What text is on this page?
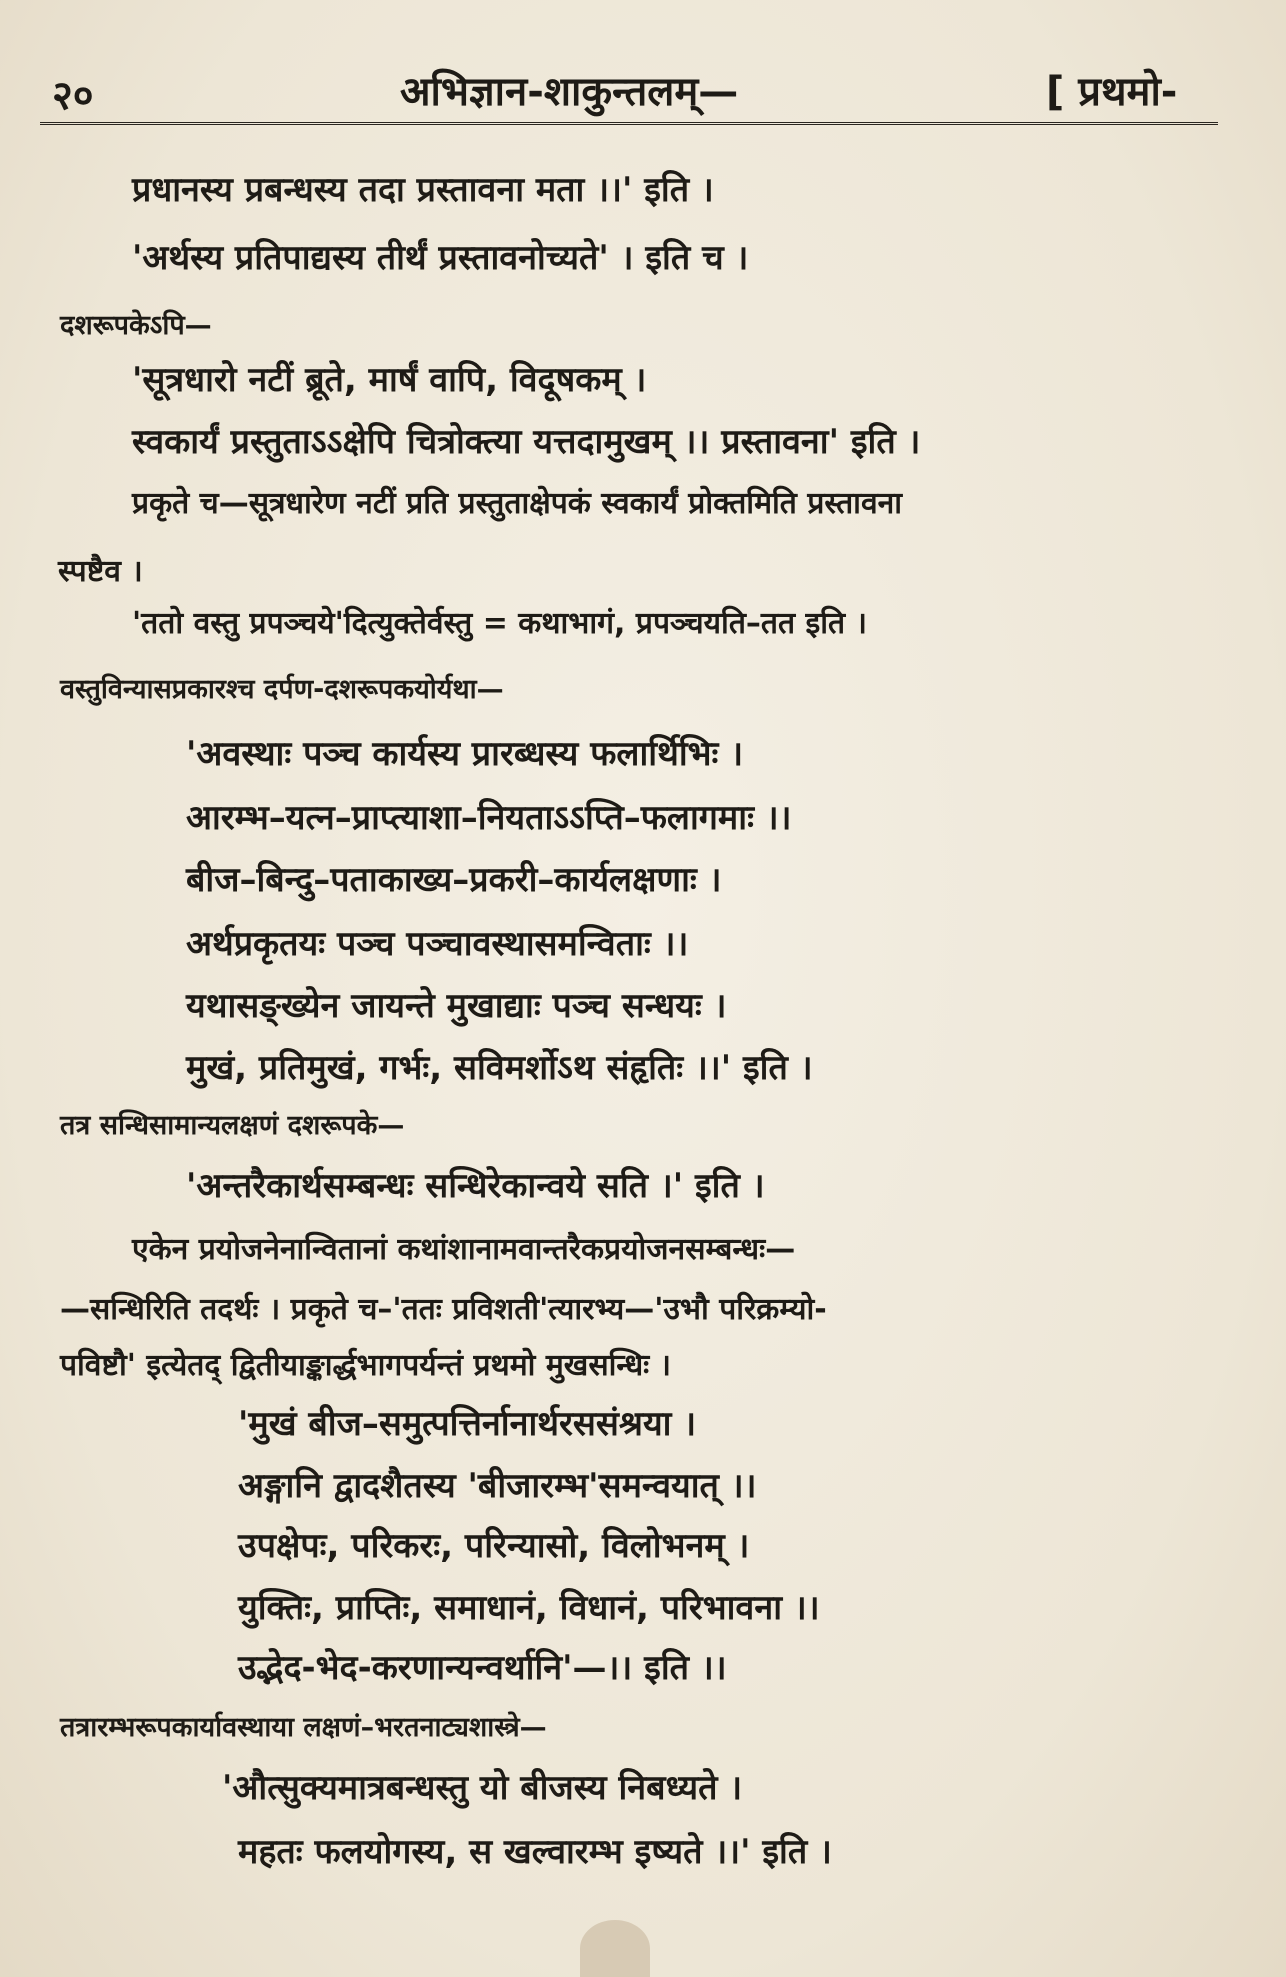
२०	अभिज्ञान-शाकुन्तलम्—	[ प्रथमो-
प्रधानस्य प्रबन्धस्य तदा प्रस्तावना मता ।।' इति ।
'अर्थस्य प्रतिपाद्यस्य तीर्थं प्रस्तावनोच्यते' । इति च ।
दशरूपकेऽपि—
'सूत्रधारो नटीं ब्रूते, मार्षं वापि, विदूषकम् ।
स्वकार्यं प्रस्तुताऽऽक्षेपि चित्रोक्त्या यत्तदामुखम् ।। प्रस्तावना' इति ।
प्रकृते च—सूत्रधारेण नटीं प्रति प्रस्तुताक्षेपकं स्वकार्यं प्रोक्तमिति प्रस्तावना
स्पष्टैव ।
'ततो वस्तु प्रपञ्चये'दित्युक्तेर्वस्तु = कथाभागं, प्रपञ्चयति–तत इति ।
वस्तुविन्यासप्रकारश्च दर्पण-दशरूपकयोर्यथा—
'अवस्थाः पञ्च कार्यस्य प्रारब्धस्य फलार्थिभिः ।
आरम्भ–यत्न–प्राप्त्याशा–नियताऽऽप्ति–फलागमाः ।।
बीज–बिन्दु–पताकाख्य–प्रकरी–कार्यलक्षणाः ।
अर्थप्रकृतयः पञ्च पञ्चावस्थासमन्विताः ।।
यथासङ्ख्येन जायन्ते मुखाद्याः पञ्च सन्धयः ।
मुखं, प्रतिमुखं, गर्भः, सविमर्शोऽथ संहृतिः ।।' इति ।
तत्र सन्धिसामान्यलक्षणं दशरूपके—
'अन्तरैकार्थसम्बन्धः सन्धिरेकान्वये सति ।' इति ।
एकेन प्रयोजनेनान्वितानां कथांशानामवान्तरैकप्रयोजनसम्बन्धः—
—सन्धिरिति तदर्थः । प्रकृते च–'ततः प्रविशती'त्यारभ्य—'उभौ परिक्रम्यो-
पविष्टौ' इत्येतद् द्वितीयाङ्कार्द्धभागपर्यन्तं प्रथमो मुखसन्धिः ।
'मुखं बीज–समुत्पत्तिर्नानार्थरससंश्रया ।
अङ्गानि द्वादशैतस्य 'बीजारम्भ'समन्वयात् ।।
उपक्षेपः, परिकरः, परिन्यासो, विलोभनम् ।
युक्तिः, प्राप्तिः, समाधानं, विधानं, परिभावना ।।
उद्भेद-भेद-करणान्यन्वर्थानि'—।। इति ।।
तत्रारम्भरूपकार्यावस्थाया लक्षणं–भरतनाट्यशास्त्रे—
'औत्सुक्यमात्रबन्धस्तु यो बीजस्य निबध्यते ।
महतः फलयोगस्य, स खल्वारम्भ इष्यते ।।' इति ।
